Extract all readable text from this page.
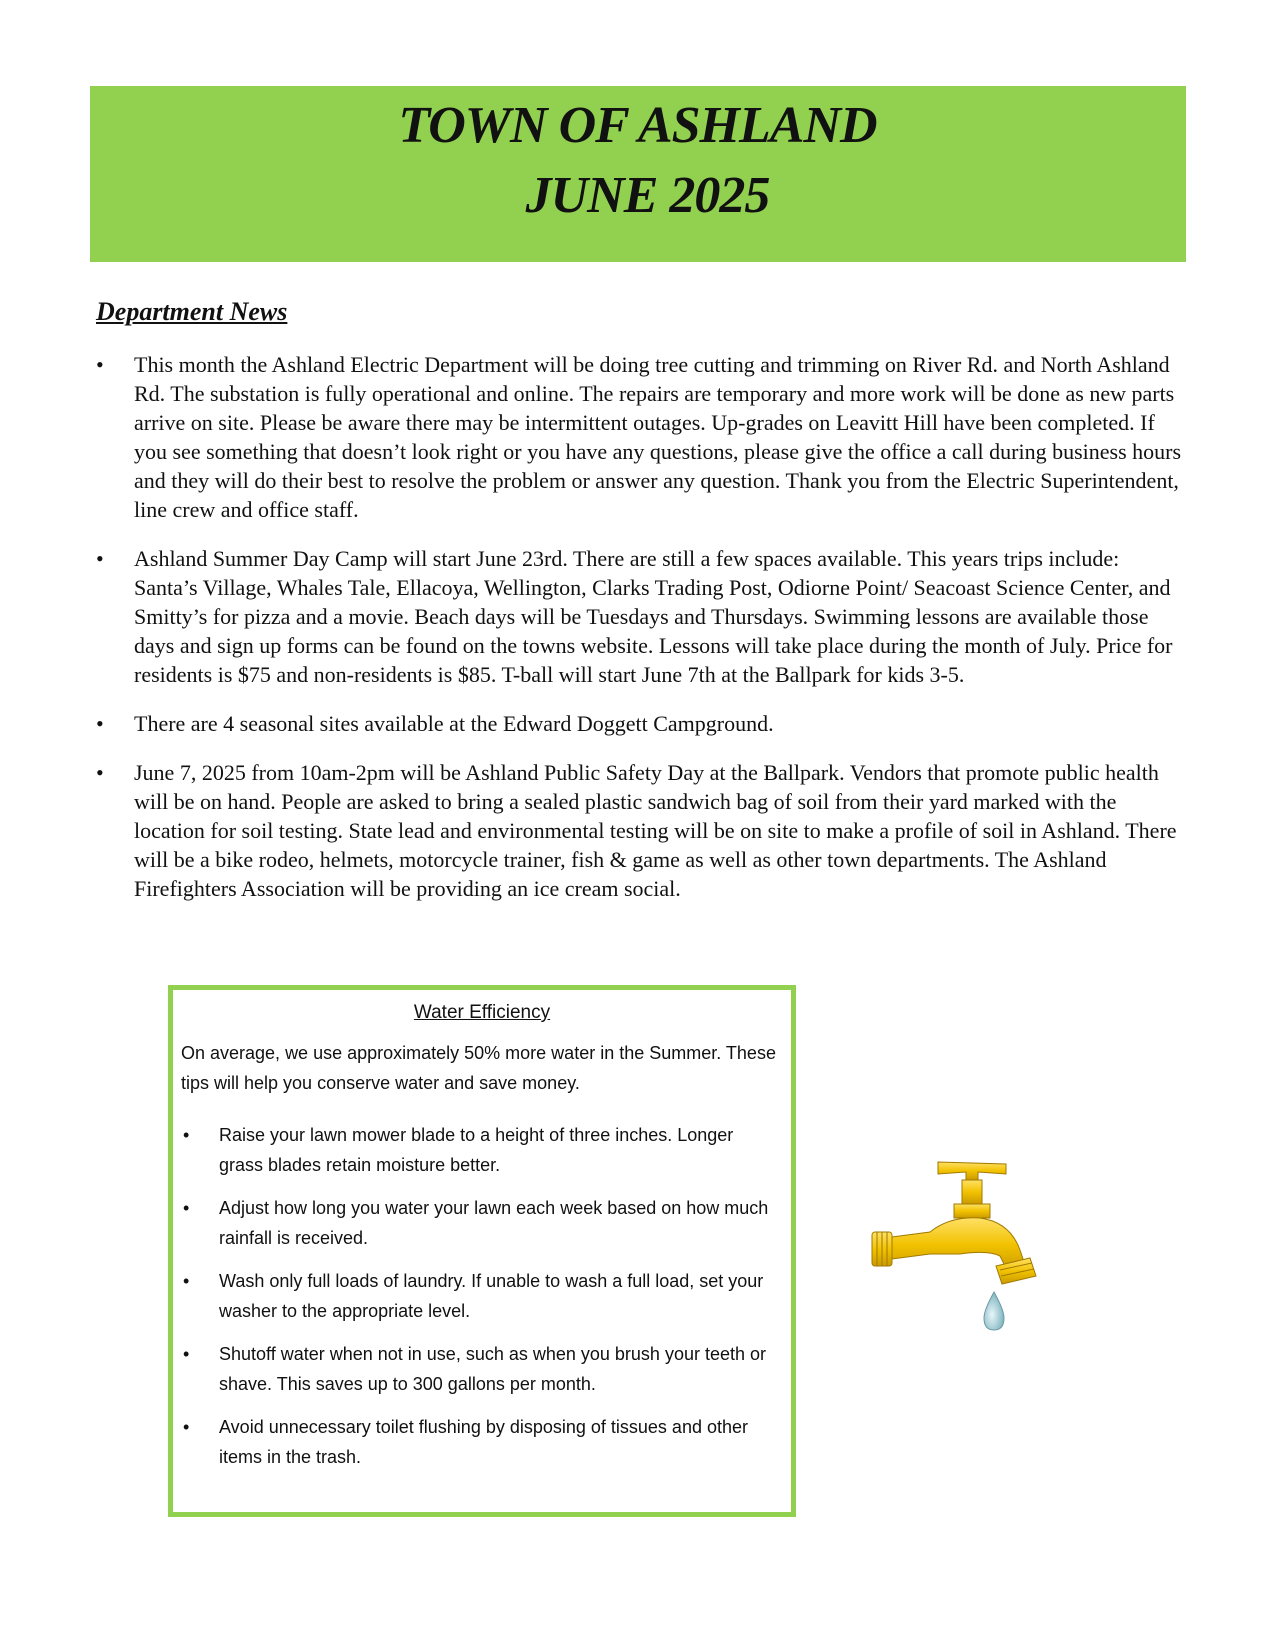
TOWN OF ASHLAND
JUNE 2025
Department News
• This month the Ashland Electric Department will be doing tree cutting and trimming on River Rd. and North Ashland Rd. The substation is fully operational and online. The repairs are temporary and more work will be done as new parts arrive on site. Please be aware there may be intermittent outages. Up-grades on Leavitt Hill have been completed. If you see something that doesn’t look right or you have any questions, please give the office a call during business hours and they will do their best to resolve the problem or answer any question. Thank you from the Electric Superintendent, line crew and office staff.
• Ashland Summer Day Camp will start June 23rd. There are still a few spaces available. This years trips include: Santa’s Village, Whales Tale, Ellacoya, Wellington, Clarks Trading Post, Odiorne Point/ Seacoast Science Center, and Smitty’s for pizza and a movie. Beach days will be Tuesdays and Thursdays. Swimming lessons are available those days and sign up forms can be found on the towns website. Lessons will take place during the month of July. Price for residents is $75 and non-residents is $85. T-ball will start June 7th at the Ballpark for kids 3-5.
• There are 4 seasonal sites available at the Edward Doggett Campground.
• June 7, 2025 from 10am-2pm will be Ashland Public Safety Day at the Ballpark. Vendors that promote public health will be on hand. People are asked to bring a sealed plastic sandwich bag of soil from their yard marked with the location for soil testing. State lead and environmental testing will be on site to make a profile of soil in Ashland. There will be a bike rodeo, helmets, motorcycle trainer, fish & game as well as other town departments. The Ashland Firefighters Association will be providing an ice cream social.
Water Efficiency

On average, we use approximately 50% more water in the Summer. These tips will help you conserve water and save money.

• Raise your lawn mower blade to a height of three inches. Longer grass blades retain moisture better.
• Adjust how long you water your lawn each week based on how much rainfall is received.
• Wash only full loads of laundry. If unable to wash a full load, set your washer to the appropriate level.
• Shutoff water when not in use, such as when you brush your teeth or shave. This saves up to 300 gallons per month.
• Avoid unnecessary toilet flushing by disposing of tissues and other items in the trash.
